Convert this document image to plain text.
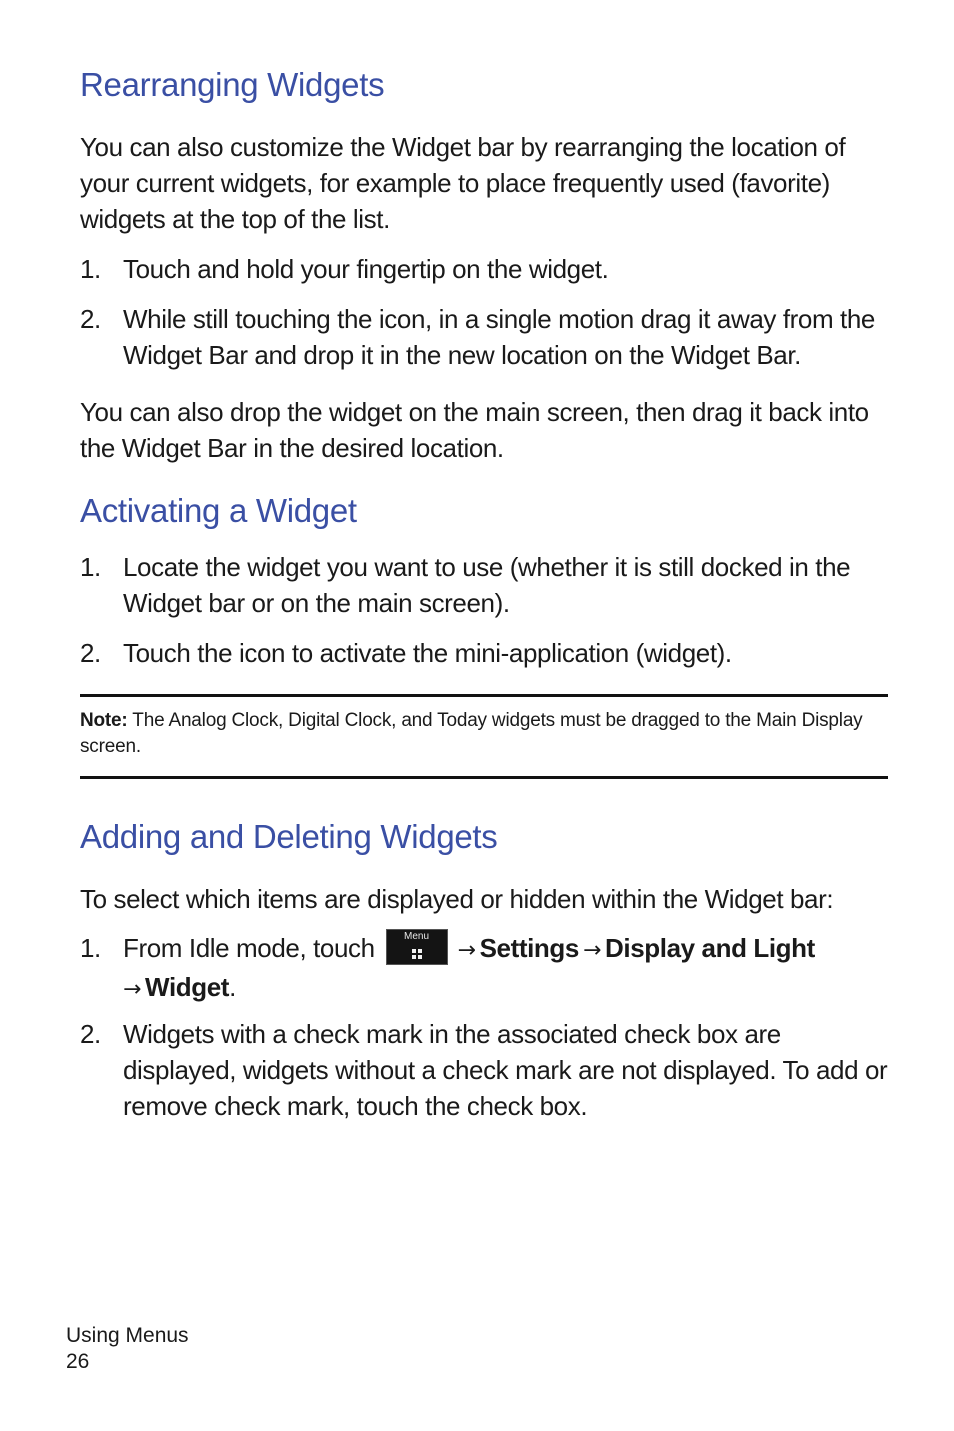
Rearranging Widgets

You can also customize the Widget bar by rearranging the location of your current widgets, for example to place frequently used (favorite) widgets at the top of the list.

1. Touch and hold your fingertip on the widget.
2. While still touching the icon, in a single motion drag it away from the Widget Bar and drop it in the new location on the Widget Bar.

You can also drop the widget on the main screen, then drag it back into the Widget Bar in the desired location.

Activating a Widget
1. Locate the widget you want to use (whether it is still docked in the Widget bar or on the main screen).
2. Touch the icon to activate the mini-application (widget).
Note: The Analog Clock, Digital Clock, and Today widgets must be dragged to the Main Display screen.
Adding and Deleting Widgets

To select which items are displayed or hidden within the Widget bar:

1. From Idle mode, touch	Menu
→ Settings → Display and Light
→ Widget.
2. Widgets with a check mark in the associated check box are displayed, widgets without a check mark are not displayed. To add or remove check mark, touch the check box.
Using Menus
26
